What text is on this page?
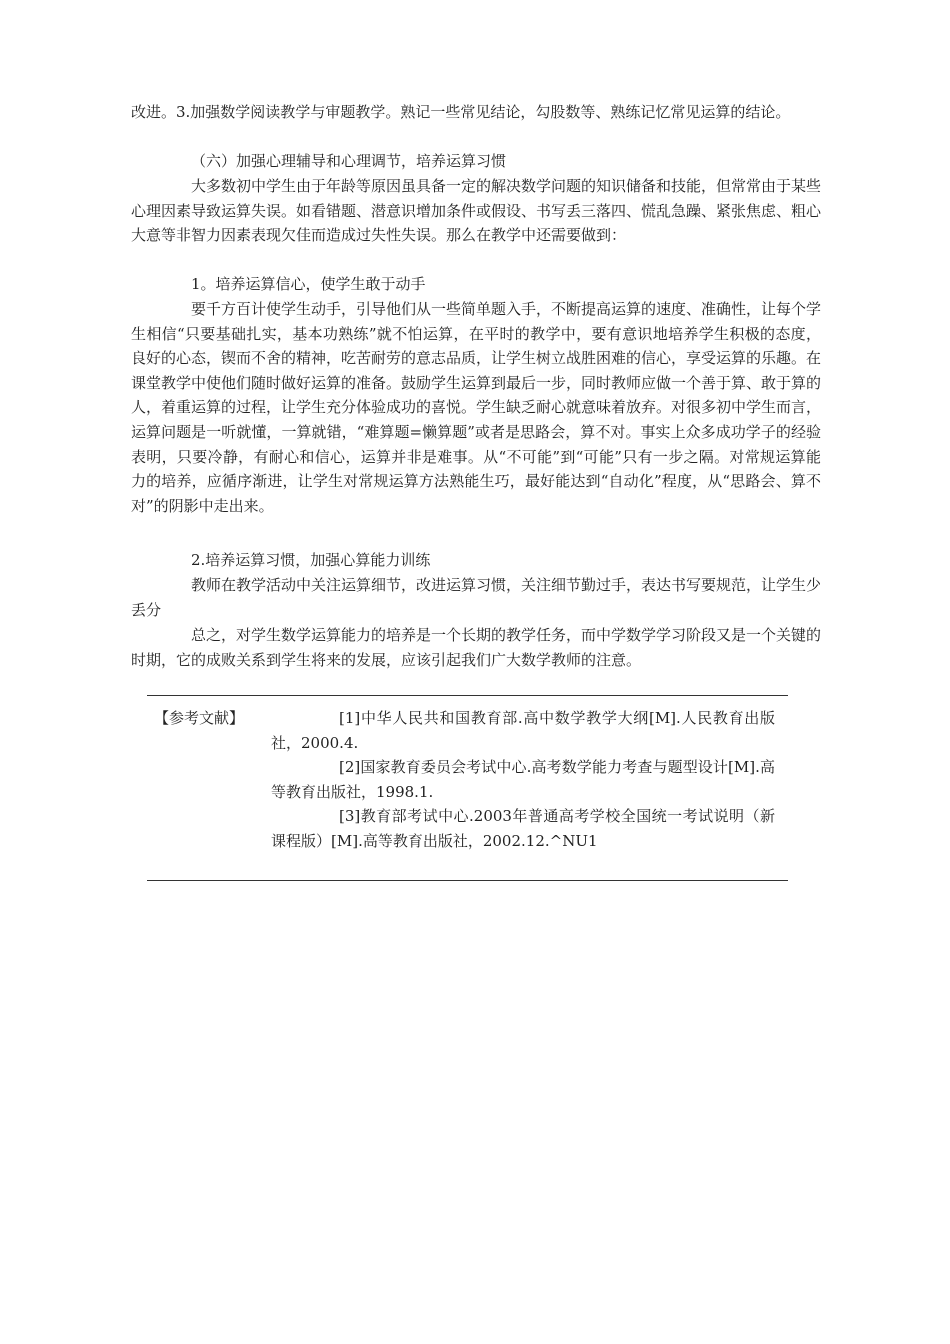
改进。3.加强数学阅读教学与审题教学。熟记一些常见结论，勾股数等、熟练记忆常见运算的结论。

（六）加强心理辅导和心理调节，培养运算习惯

大多数初中学生由于年龄等原因虽具备一定的解决数学问题的知识储备和技能，但常常由于某些心理因素导致运算失误。如看错题、潜意识增加条件或假设、书写丢三落四、慌乱急躁、紧张焦虑、粗心大意等非智力因素表现欠佳而造成过失性失误。那么在教学中还需要做到：

1。培养运算信心，使学生敢于动手

要千方百计使学生动手，引导他们从一些简单题入手，不断提高运算的速度、准确性，让每个学生相信“只要基础扎实，基本功熟练”就不怕运算，在平时的教学中，要有意识地培养学生积极的态度，良好的心态，锲而不舍的精神，吃苦耐劳的意志品质，让学生树立战胜困难的信心，享受运算的乐趣。在课堂教学中使他们随时做好运算的准备。鼓励学生运算到最后一步，同时教师应做一个善于算、敢于算的人，着重运算的过程，让学生充分体验成功的喜悦。学生缺乏耐心就意味着放弃。对很多初中学生而言，运算问题是一听就懂，一算就错，“难算题=懒算题”或者是思路会，算不对。事实上众多成功学子的经验表明，只要冷静，有耐心和信心，运算并非是难事。从“不可能”到“可能”只有一步之隔。对常规运算能力的培养，应循序渐进，让学生对常规运算方法熟能生巧，最好能达到“自动化”程度，从“思路会、算不对”的阴影中走出来。

2.培养运算习惯，加强心算能力训练

教师在教学活动中关注运算细节，改进运算习惯，关注细节勤过手，表达书写要规范，让学生少丢分

总之，对学生数学运算能力的培养是一个长期的教学任务，而中学数学学习阶段又是一个关键的时期，它的成败关系到学生将来的发展，应该引起我们广大数学教师的注意。

【参考文献】	[1]中华人民共和国教育部.高中数学教学大纲[M].人民教育出版社，2000.4.

[2]国家教育委员会考试中心.高考数学能力考查与题型设计[M].高等教育出版社，1998.1.

[3]教育部考试中心.2003年普通高考学校全国统一考试说明（新课程版）[M].高等教育出版社，2002.12.^NU1
